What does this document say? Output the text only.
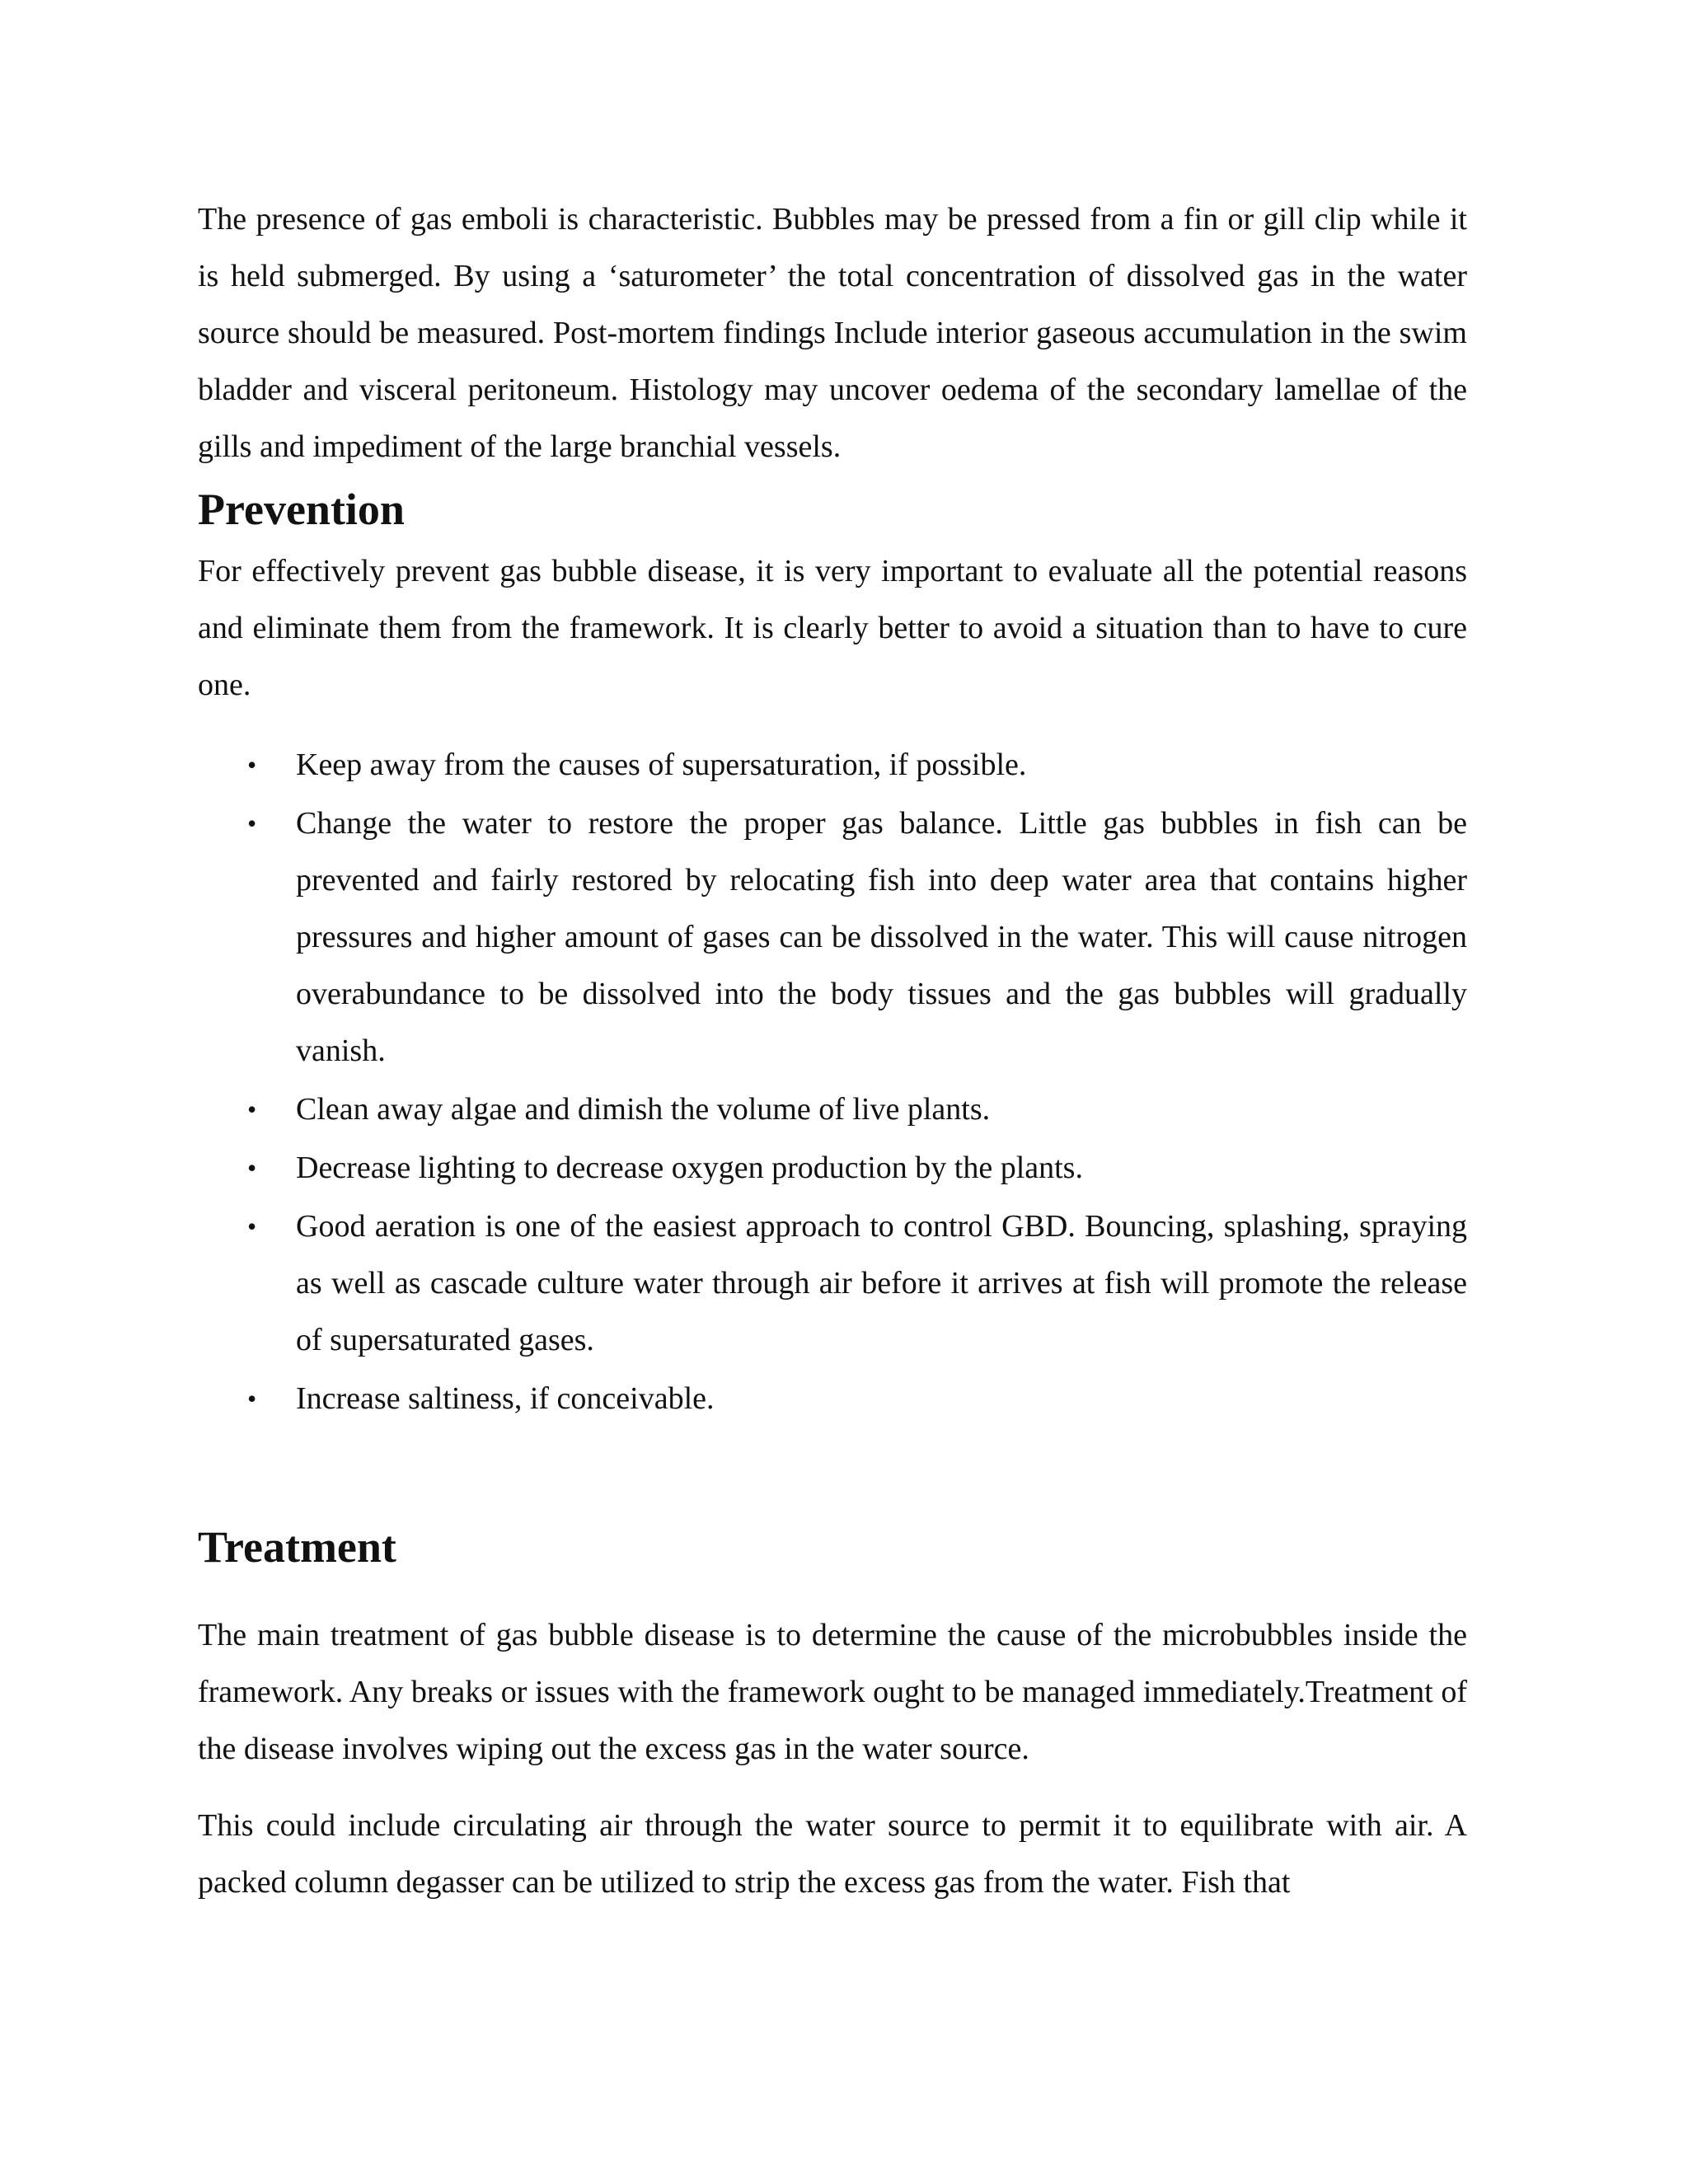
The presence of gas emboli is characteristic. Bubbles may be pressed from a fin or gill clip while it is held submerged. By using a ‘saturometer’ the total concentration of dissolved gas in the water source should be measured. Post-mortem findings Include interior gaseous accumulation in the swim bladder and visceral peritoneum. Histology may uncover oedema of the secondary lamellae of the gills and impediment of the large branchial vessels.

Prevention

For effectively prevent gas bubble disease, it is very important to evaluate all the potential reasons and eliminate them from the framework. It is clearly better to avoid a situation than to have to cure one.

• Keep away from the causes of supersaturation, if possible.
• Change the water to restore the proper gas balance. Little gas bubbles in fish can be prevented and fairly restored by relocating fish into deep water area that contains higher pressures and higher amount of gases can be dissolved in the water. This will cause nitrogen overabundance to be dissolved into the body tissues and the gas bubbles will gradually vanish.
• Clean away algae and dimish the volume of live plants.
• Decrease lighting to decrease oxygen production by the plants.
• Good aeration is one of the easiest approach to control GBD. Bouncing, splashing, spraying as well as cascade culture water through air before it arrives at fish will promote the release of supersaturated gases.
• Increase saltiness, if conceivable.
Treatment

The main treatment of gas bubble disease is to determine the cause of the microbubbles inside the framework. Any breaks or issues with the framework ought to be managed immediately.Treatment of the disease involves wiping out the excess gas in the water source.

This could include circulating air through the water source to permit it to equilibrate with air. A packed column degasser can be utilized to strip the excess gas from the water. Fish that
